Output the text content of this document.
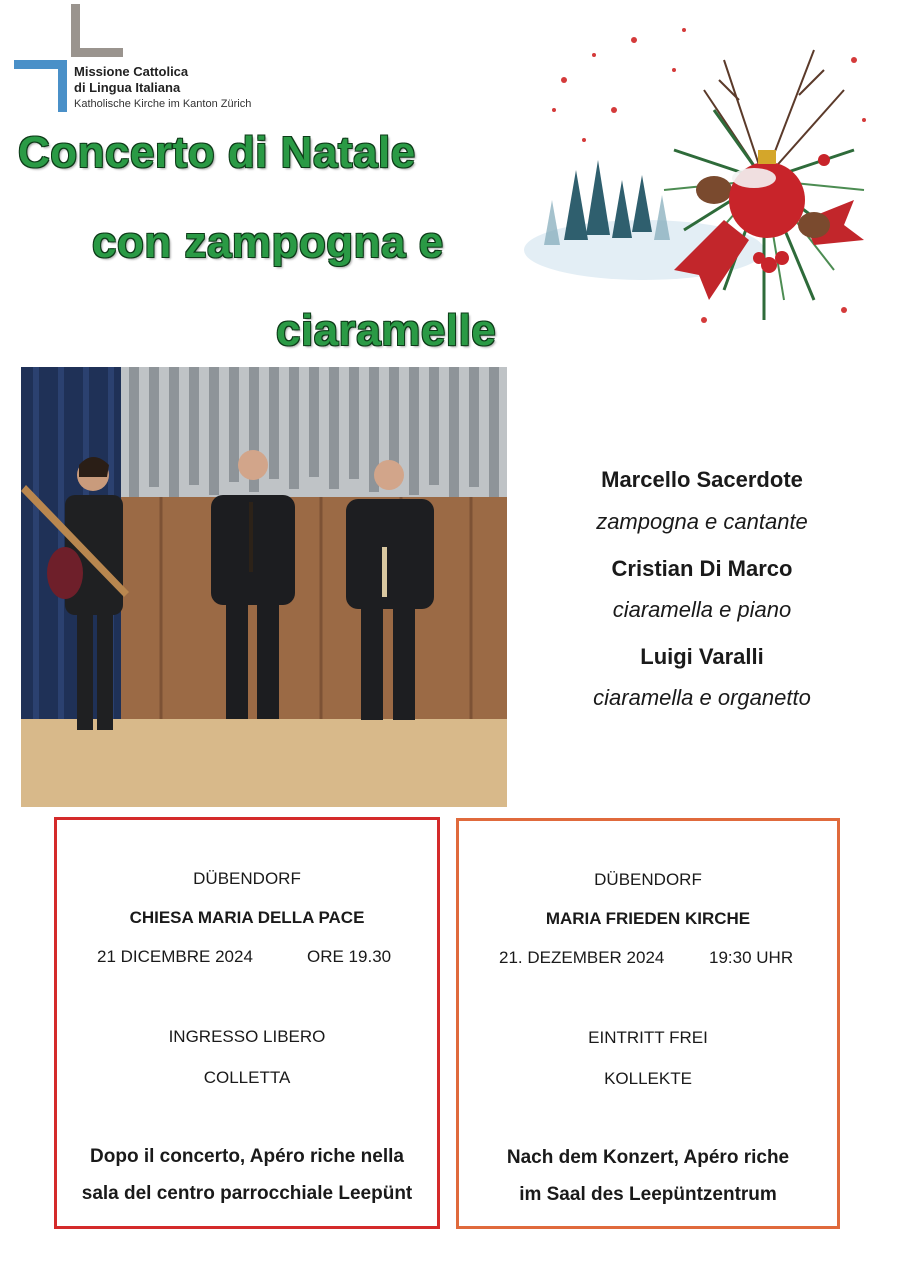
Missione Cattolica
di Lingua Italiana
Katholische Kirche im Kanton Zürich
Concerto di Natale
con zampogna e
ciaramelle
Marcello Sacerdote
zampogna e cantante
Cristian Di Marco
ciaramella e piano
Luigi Varalli
ciaramella e organetto
DÜBENDORF
CHIESA MARIA DELLA PACE
21 DICEMBRE 2024	ORE 19.30
INGRESSO LIBERO
COLLETTA
Dopo il concerto, Apéro riche nella
sala del centro parrocchiale Leepünt
DÜBENDORF
MARIA FRIEDEN KIRCHE
21. DEZEMBER 2024	19:30 UHR
EINTRITT FREI
KOLLEKTE
Nach dem Konzert, Apéro riche
im Saal des Leepüntzentrum
